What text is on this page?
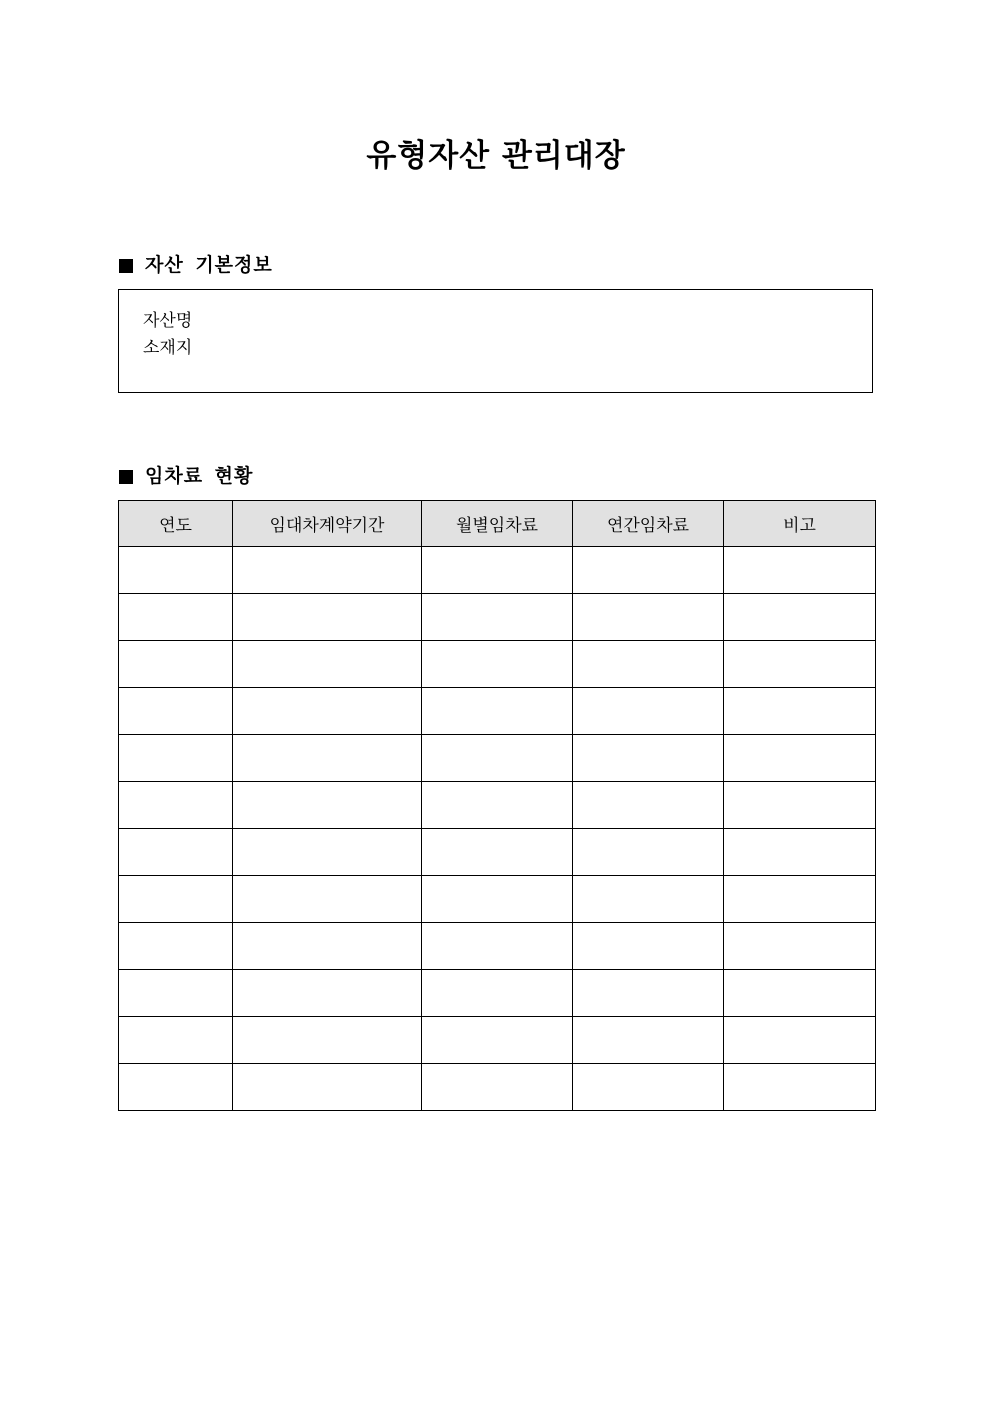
유형자산 관리대장
자산 기본정보
자산명
소재지
임차료 현황
연도	임대차계약기간	월별임차료	연간임차료	비고
